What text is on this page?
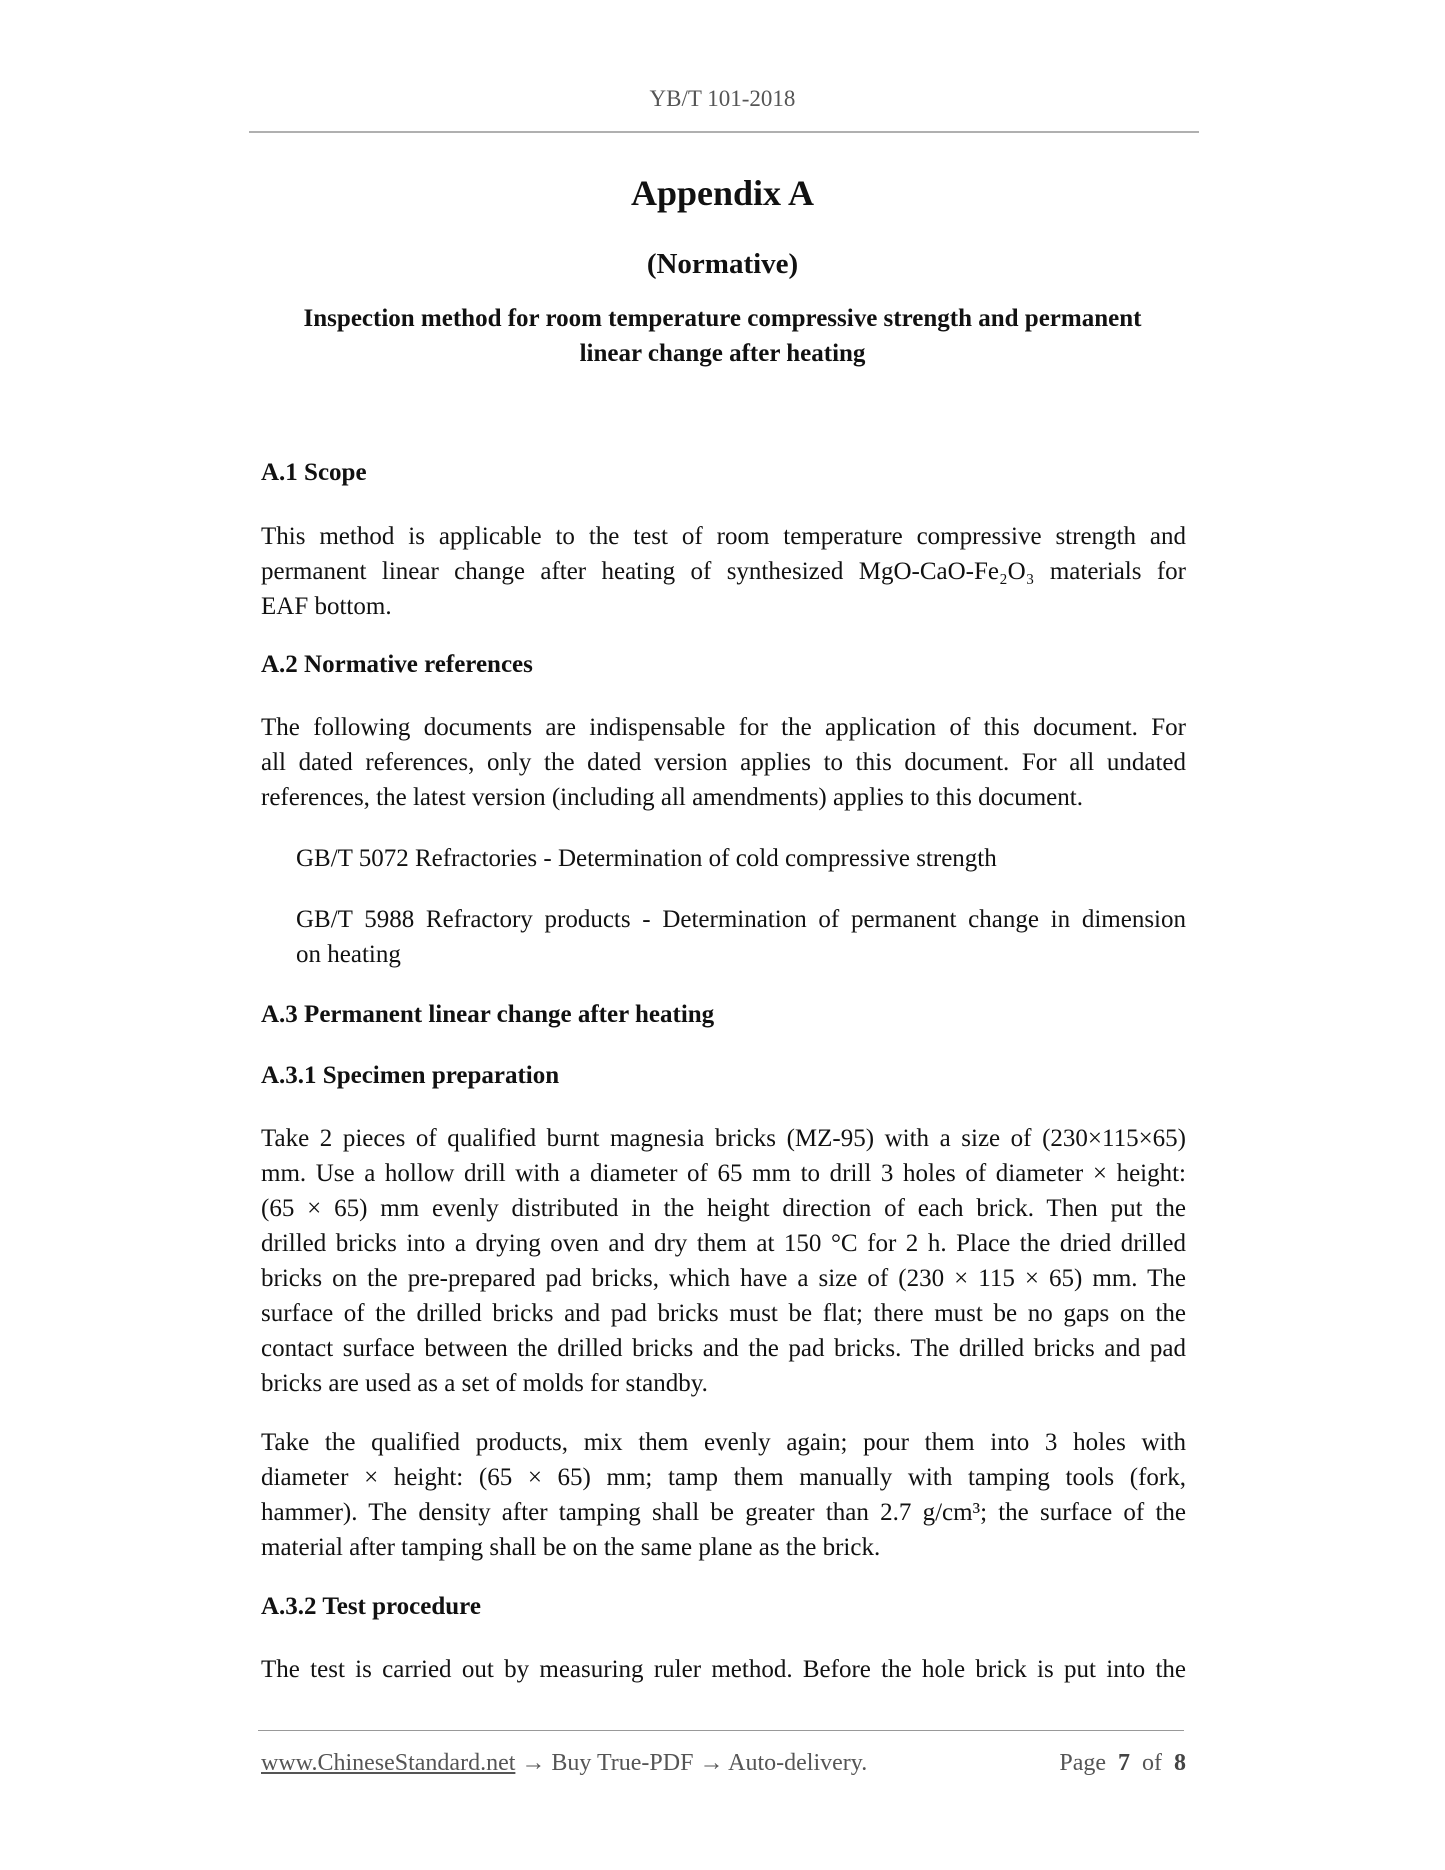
YB/T 101-2018
Appendix A
(Normative)
Inspection method for room temperature compressive strength and permanent
linear change after heating
A.1 Scope
This method is applicable to the test of room temperature compressive strength and
permanent linear change after heating of synthesized MgO-CaO-Fe₂O₃ materials for
EAF bottom.
A.2 Normative references
The following documents are indispensable for the application of this document. For
all dated references, only the dated version applies to this document. For all undated
references, the latest version (including all amendments) applies to this document.
GB/T 5072 Refractories - Determination of cold compressive strength
GB/T 5988 Refractory products - Determination of permanent change in dimension
on heating
A.3 Permanent linear change after heating
A.3.1 Specimen preparation
Take 2 pieces of qualified burnt magnesia bricks (MZ-95) with a size of (230×115×65)
mm. Use a hollow drill with a diameter of 65 mm to drill 3 holes of diameter × height:
(65 × 65) mm evenly distributed in the height direction of each brick. Then put the
drilled bricks into a drying oven and dry them at 150 °C for 2 h. Place the dried drilled
bricks on the pre-prepared pad bricks, which have a size of (230 × 115 × 65) mm. The
surface of the drilled bricks and pad bricks must be flat; there must be no gaps on the
contact surface between the drilled bricks and the pad bricks. The drilled bricks and pad
bricks are used as a set of molds for standby.
Take the qualified products, mix them evenly again; pour them into 3 holes with
diameter × height: (65 × 65) mm; tamp them manually with tamping tools (fork,
hammer). The density after tamping shall be greater than 2.7 g/cm³; the surface of the
material after tamping shall be on the same plane as the brick.
A.3.2 Test procedure
The test is carried out by measuring ruler method. Before the hole brick is put into the
www.ChineseStandard.net → Buy True-PDF → Auto-delivery.	Page 7 of 8
